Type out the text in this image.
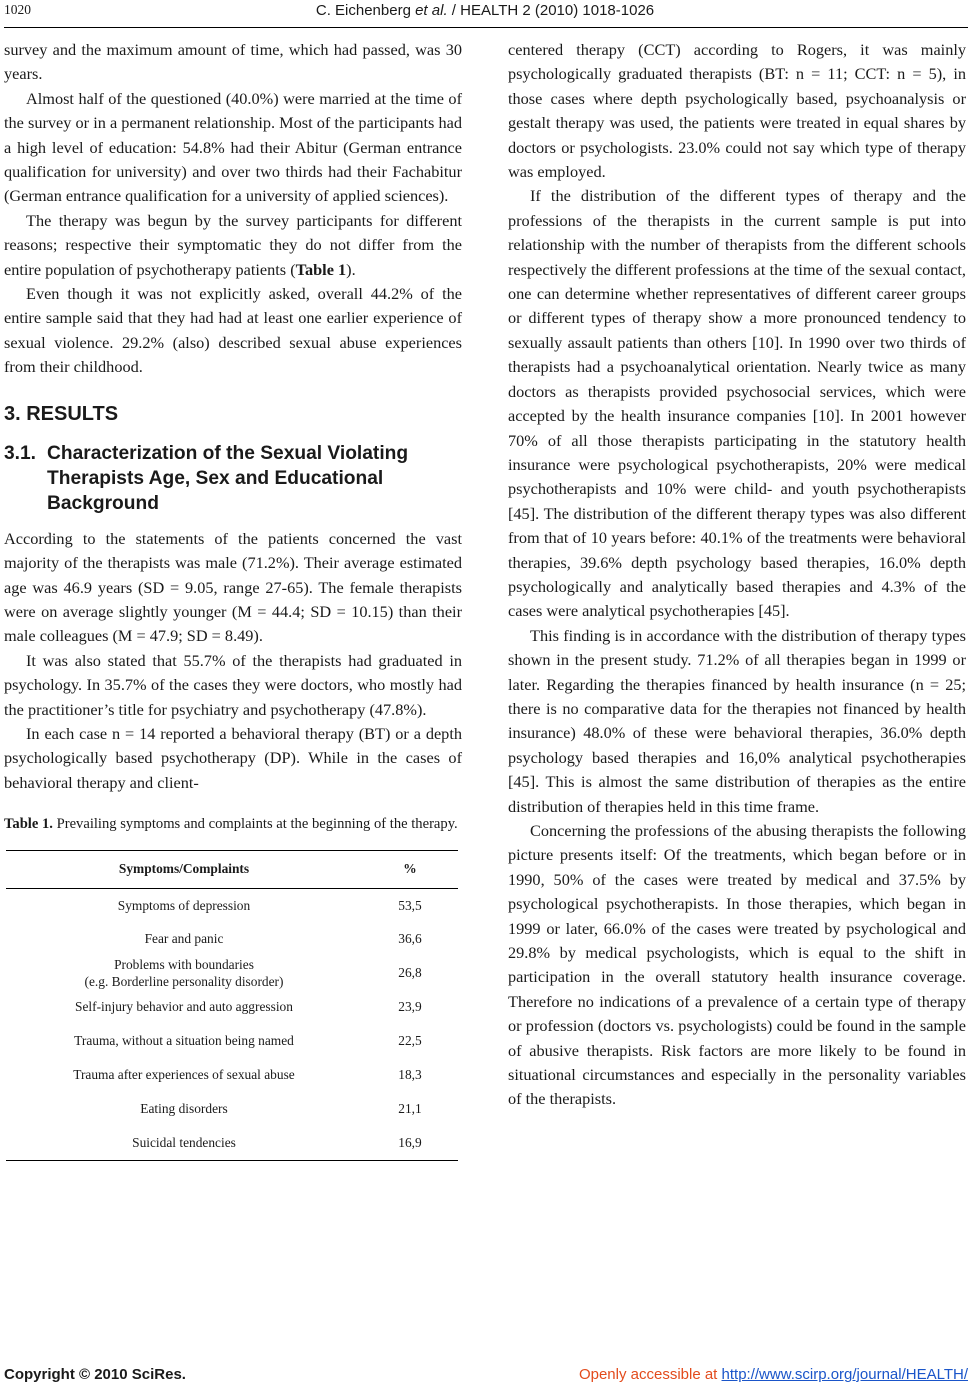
1020	C. Eichenberg et al. / HEALTH 2 (2010) 1018-1026

survey and the maximum amount of time, which had passed, was 30 years.

Almost half of the questioned (40.0%) were married at the time of the survey or in a permanent relationship. Most of the participants had a high level of education: 54.8% had their Abitur (German entrance qualification for university) and over two thirds had their Fachabitur (German entrance qualification for a university of applied sciences).

The therapy was begun by the survey participants for different reasons; respective their symptomatic they do not differ from the entire population of psychotherapy patients (Table 1).

Even though it was not explicitly asked, overall 44.2% of the entire sample said that they had had at least one earlier experience of sexual violence. 29.2% (also) described sexual abuse experiences from their childhood.

3. RESULTS
3.1. Characterization of the Sexual Violating Therapists Age, Sex and Educational Background

According to the statements of the patients concerned the vast majority of the therapists was male (71.2%). Their average estimated age was 46.9 years (SD = 9.05, range 27-65). The female therapists were on average slightly younger (M = 44.4; SD = 10.15) than their male colleagues (M = 47.9; SD = 8.49).

It was also stated that 55.7% of the therapists had graduated in psychology. In 35.7% of the cases they were doctors, who mostly had the practitioner’s title for psychiatry and psychotherapy (47.8%).

In each case n = 14 reported a behavioral therapy (BT) or a depth psychologically based psychotherapy (DP). While in the cases of behavioral therapy and client-

Table 1. Prevailing symptoms and complaints at the beginning of the therapy.
Symptoms/Complaints	%
Symptoms of depression	53,5
Fear and panic	36,6

Problems with boundaries
(e.g. Borderline personality disorder)	26,8
Self-injury behavior and auto aggression	23,9
Trauma, without a situation being named	22,5
Trauma after experiences of sexual abuse	18,3
Eating disorders	21,1
Suicidal tendencies	16,9

centered therapy (CCT) according to Rogers, it was mainly psychologically graduated therapists (BT: n = 11; CCT: n = 5), in those cases where depth psychologically based, psychoanalysis or gestalt therapy was used, the patients were treated in equal shares by doctors or psychologists. 23.0% could not say which type of therapy was employed.

If the distribution of the different types of therapy and the professions of the therapists in the current sample is put into relationship with the number of therapists from the different schools respectively the different professions at the time of the sexual contact, one can determine whether representatives of different career groups or different types of therapy show a more pronounced tendency to sexually assault patients than others [10]. In 1990 over two thirds of therapists had a psychoanalytical orientation. Nearly twice as many doctors as therapists provided psychosocial services, which were accepted by the health insurance companies [10]. In 2001 however 70% of all those therapists participating in the statutory health insurance were psychological psychotherapists, 20% were medical psychotherapists and 10% were child- and youth psychotherapists [45]. The distribution of the different therapy types was also different from that of 10 years before: 40.1% of the treatments were behavioral therapies, 39.6% depth psychology based therapies, 16.0% depth psychologically and analytically based therapies and 4.3% of the cases were analytical psychotherapies [45].

This finding is in accordance with the distribution of therapy types shown in the present study. 71.2% of all therapies began in 1999 or later. Regarding the therapies financed by health insurance (n = 25; there is no comparative data for the therapies not financed by health insurance) 48.0% of these were behavioral therapies, 36.0% depth psychology based therapies and 16,0% analytical psychotherapies [45]. This is almost the same distribution of therapies as the entire distribution of therapies held in this time frame.

Concerning the professions of the abusing therapists the following picture presents itself: Of the treatments, which began before or in 1990, 50% of the cases were treated by medical and 37.5% by psychological psychotherapists. In those therapies, which began in 1999 or later, 66.0% of the cases were treated by psychological and 29.8% by medical psychologists, which is equal to the shift in participation in the overall statutory health insurance coverage. Therefore no indications of a prevalence of a certain type of therapy or profession (doctors vs. psychologists) could be found in the sample of abusive therapists. Risk factors are more likely to be found in situational circumstances and especially in the personality variables of the therapists.

Copyright © 2010 SciRes.	Openly accessible at http://www.scirp.org/journal/HEALTH/
